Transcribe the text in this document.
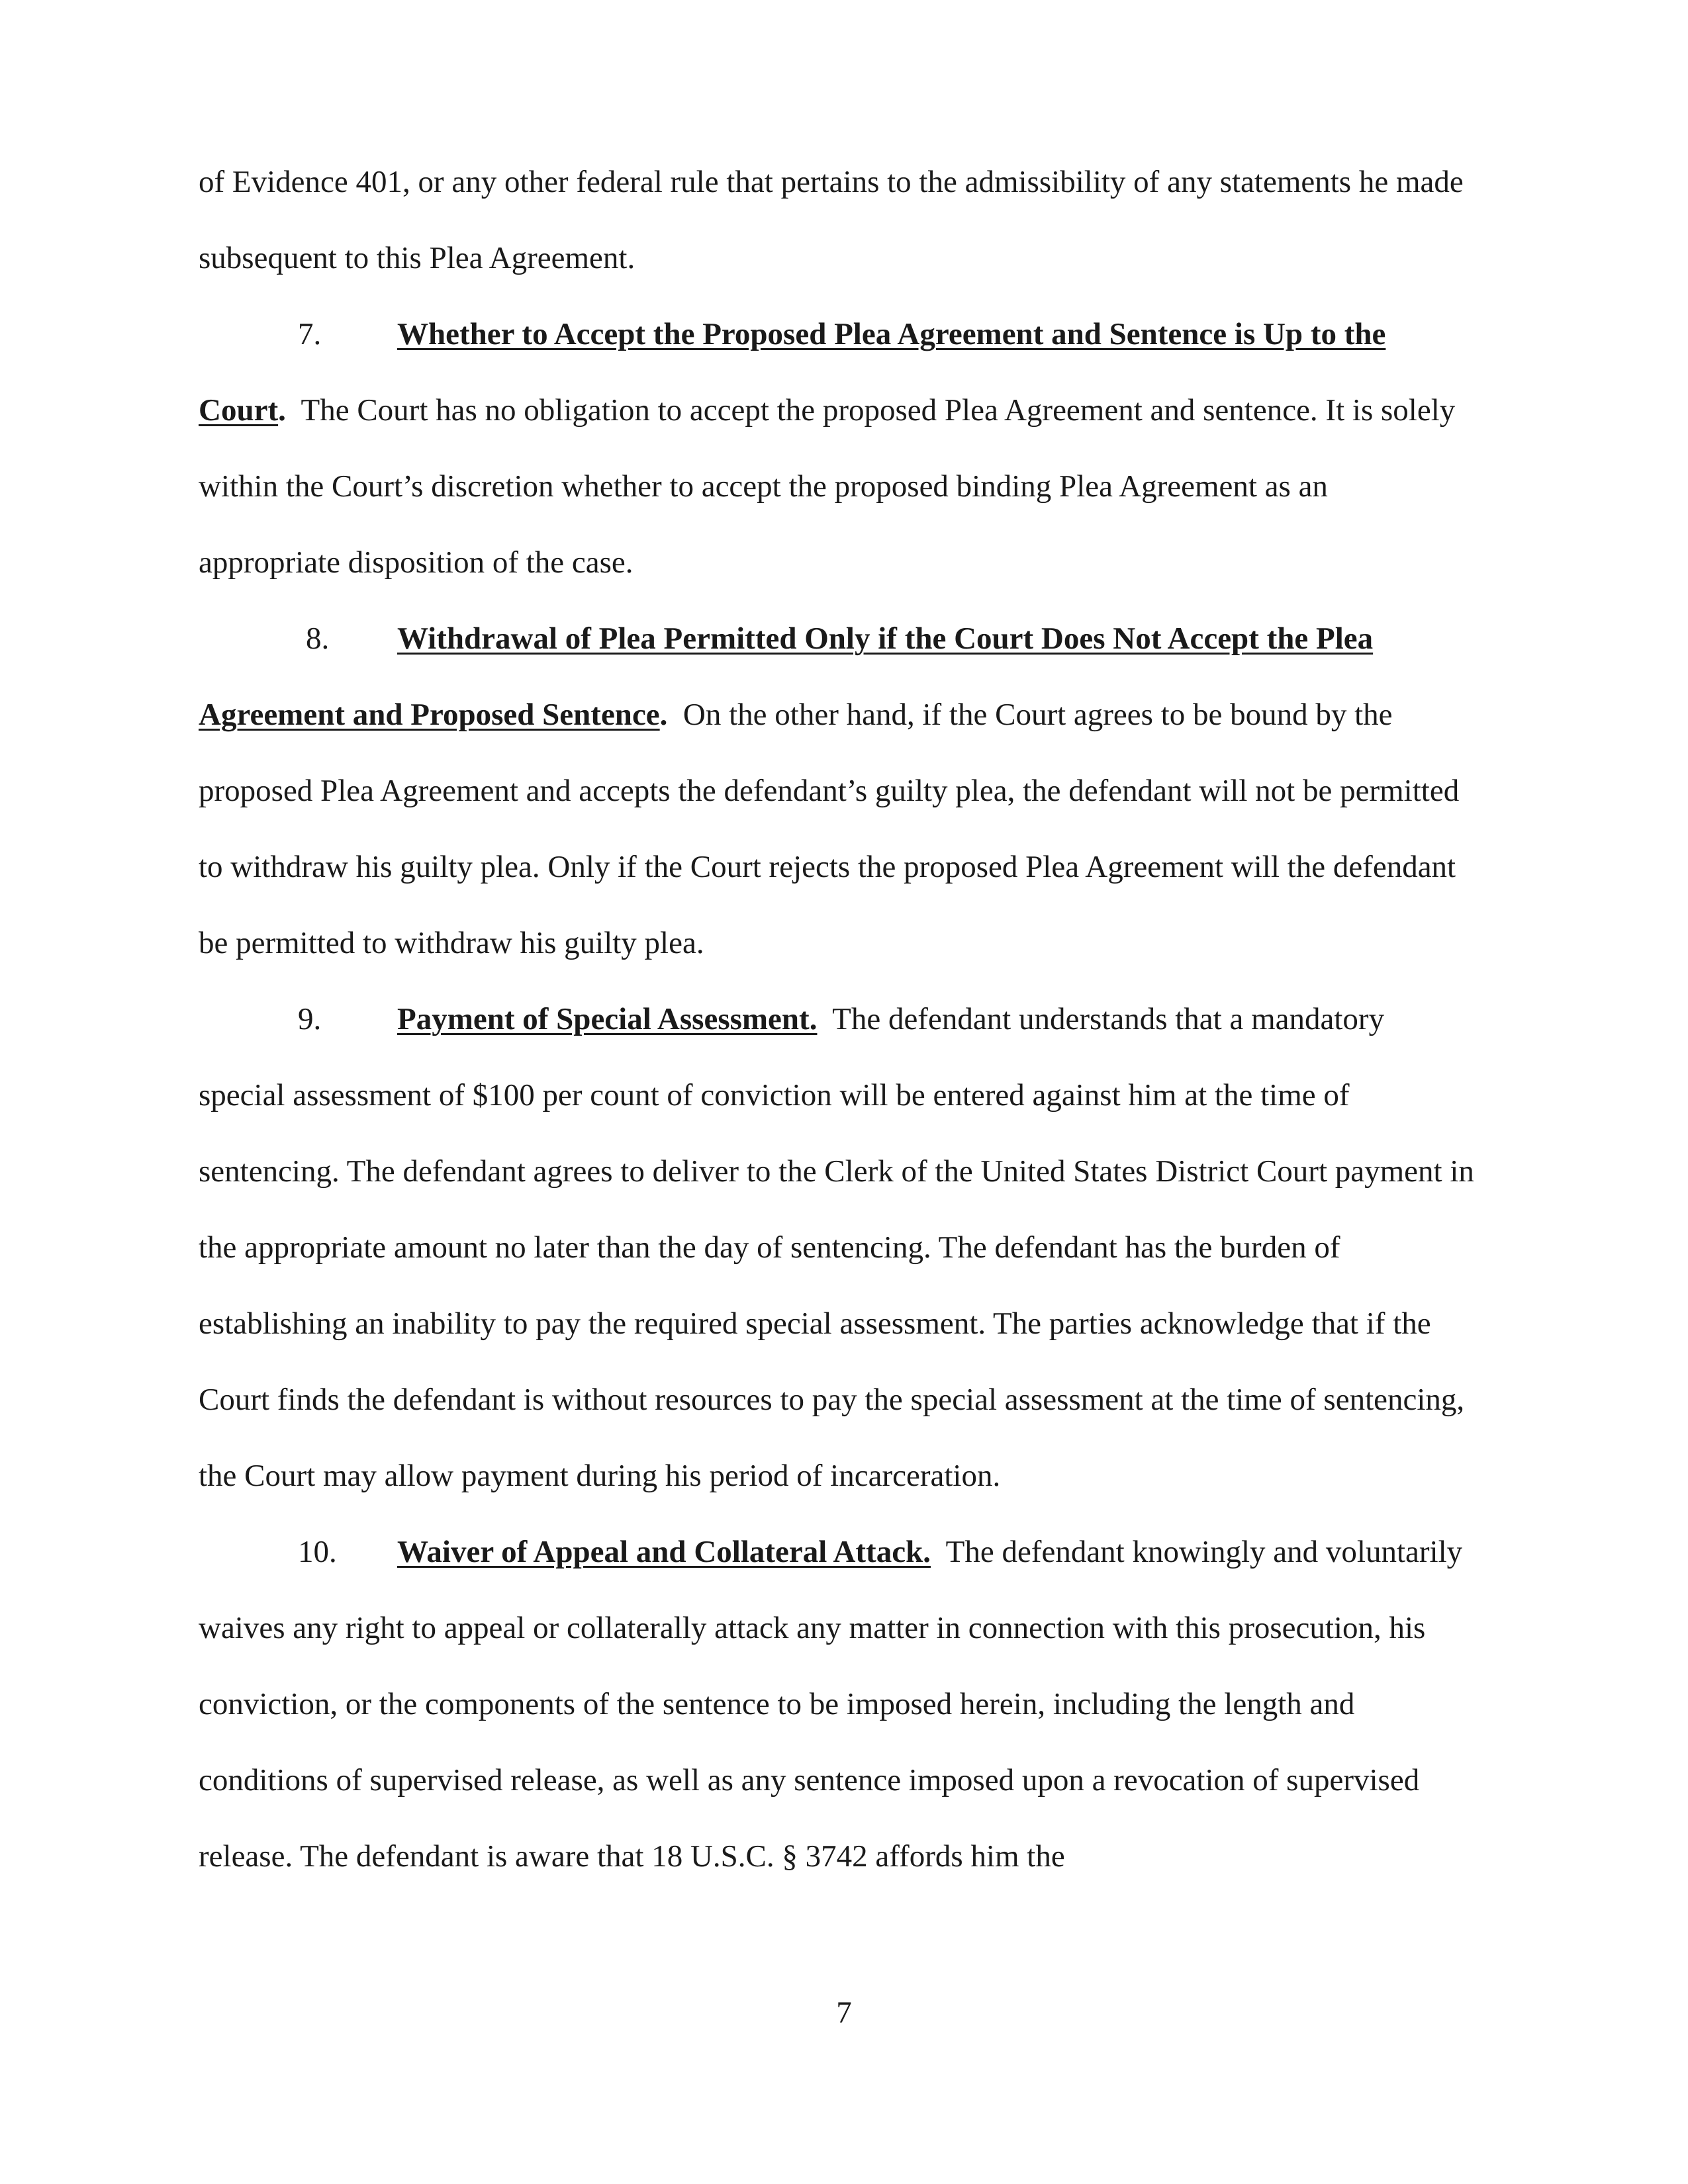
of Evidence 401, or any other federal rule that pertains to the admissibility of any statements he made subsequent to this Plea Agreement.

7. Whether to Accept the Proposed Plea Agreement and Sentence is Up to the Court. The Court has no obligation to accept the proposed Plea Agreement and sentence. It is solely within the Court’s discretion whether to accept the proposed binding Plea Agreement as an appropriate disposition of the case.

8. Withdrawal of Plea Permitted Only if the Court Does Not Accept the Plea Agreement and Proposed Sentence. On the other hand, if the Court agrees to be bound by the proposed Plea Agreement and accepts the defendant’s guilty plea, the defendant will not be permitted to withdraw his guilty plea. Only if the Court rejects the proposed Plea Agreement will the defendant be permitted to withdraw his guilty plea.

9. Payment of Special Assessment. The defendant understands that a mandatory special assessment of $100 per count of conviction will be entered against him at the time of sentencing. The defendant agrees to deliver to the Clerk of the United States District Court payment in the appropriate amount no later than the day of sentencing. The defendant has the burden of establishing an inability to pay the required special assessment. The parties acknowledge that if the Court finds the defendant is without resources to pay the special assessment at the time of sentencing, the Court may allow payment during his period of incarceration.

10. Waiver of Appeal and Collateral Attack. The defendant knowingly and voluntarily waives any right to appeal or collaterally attack any matter in connection with this prosecution, his conviction, or the components of the sentence to be imposed herein, including the length and conditions of supervised release, as well as any sentence imposed upon a revocation of supervised release. The defendant is aware that 18 U.S.C. § 3742 affords him the

7
